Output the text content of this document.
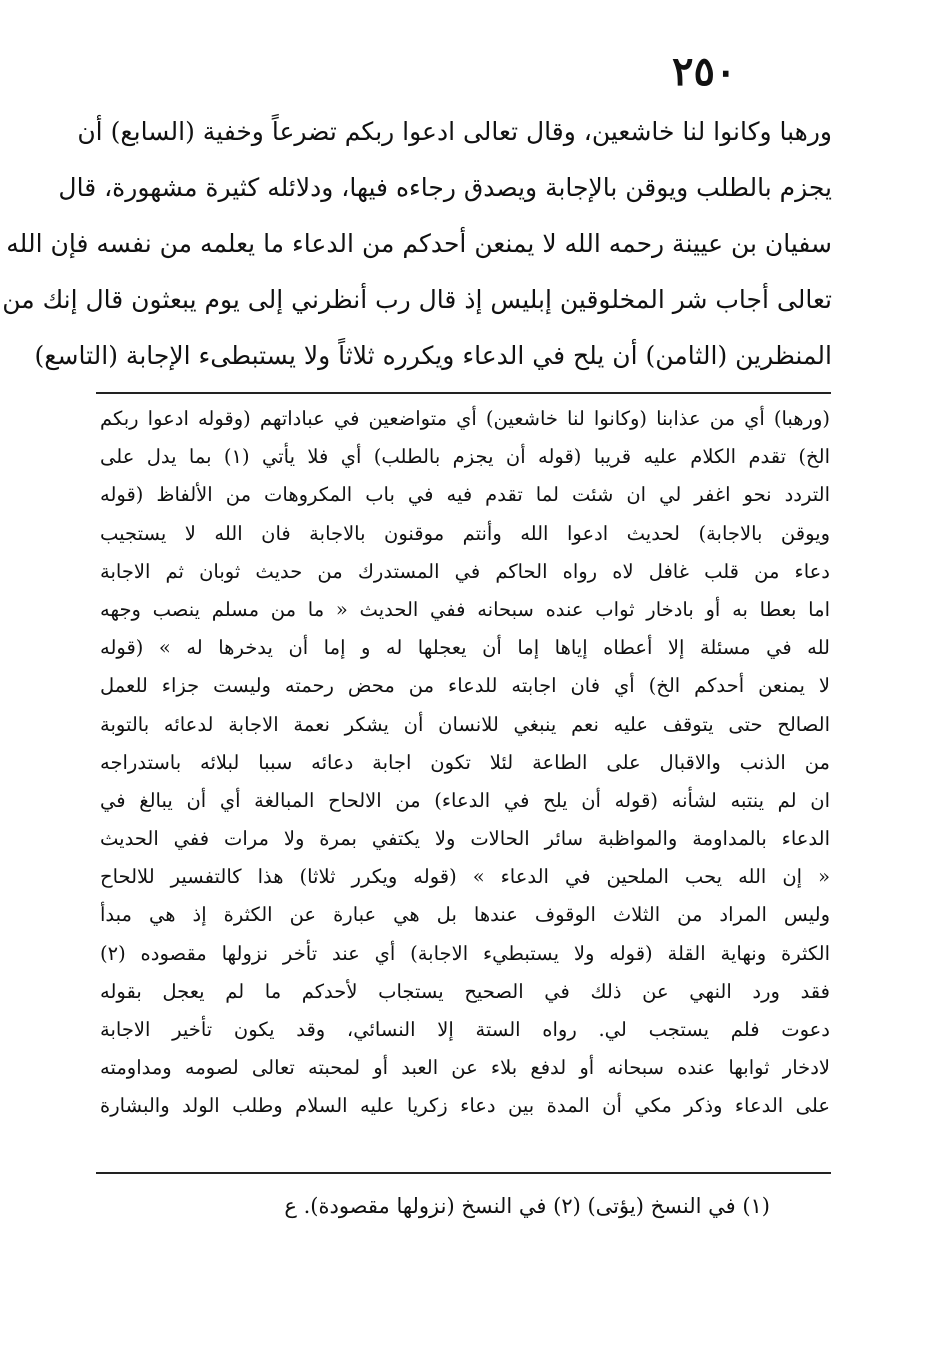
٢٥٠
ورهبا وكانوا لنا خاشعين، وقال تعالى ادعوا ربكم تضرعاً وخفية (السابع) أن
يجزم بالطلب ويوقن بالإجابة ويصدق رجاءه فيها، ودلائله كثيرة مشهورة، قال
سفيان بن عيينة رحمه الله لا يمنعن أحدكم من الدعاء ما يعلمه من نفسه فإن الله
تعالى أجاب شر المخلوقين إبليس إذ قال رب أنظرني إلى يوم يبعثون قال إنك من
المنظرين (الثامن) أن يلح في الدعاء ويكرره ثلاثاً ولا يستبطىء الإجابة (التاسع)
(ورهبا) أي من عذابنا (وكانوا لنا خاشعين) أي متواضعين في عباداتهم (وقوله ادعوا ربكم
الخ) تقدم الكلام عليه قريبا (قوله أن يجزم بالطلب) أي فلا يأتي (١) بما يدل على
التردد نحو اغفر لي ان شئت لما تقدم فيه في باب المكروهات من الألفاظ (قوله
ويوقن بالاجابة) لحديث ادعوا الله وأنتم موقنون بالاجابة فان الله لا يستجيب
دعاء من قلب غافل لاه رواه الحاكم في المستدرك من حديث ثوبان ثم الاجابة
اما بعطا به أو بادخار ثواب عنده سبحانه ففي الحديث « ما من مسلم ينصب وجهه
لله في مسئلة إلا أعطاه إياها إما أن يعجلها له و إما أن يدخرها له » (قوله
لا يمنعن أحدكم الخ) أي فان اجابته للدعاء من محض رحمته وليست جزاء للعمل
الصالح حتى يتوقف عليه نعم ينبغي للانسان أن يشكر نعمة الاجابة لدعائه بالتوبة
من الذنب والاقبال على الطاعة لئلا تكون اجابة دعائه سببا لبلائه باستدراجه
ان لم ينتبه لشأنه (قوله أن يلح في الدعاء) من الالحاح المبالغة أي أن يبالغ في
الدعاء بالمداومة والمواظبة سائر الحالات ولا يكتفي بمرة ولا مرات ففي الحديث
« إن الله يحب الملحين في الدعاء » (قوله ويكرر ثلاثا) هذا كالتفسير للالحاح
وليس المراد من الثلاث الوقوف عندها بل هي عبارة عن الكثرة إذ هي مبدأ
الكثرة ونهاية القلة (قوله ولا يستبطيء الاجابة) أي عند تأخر نزولها مقصوده (٢)
فقد ورد النهي عن ذلك في الصحيح يستجاب لأحدكم ما لم يعجل بقوله
دعوت فلم يستجب لي. رواه الستة إلا النسائي، وقد يكون تأخير الاجابة
لادخار ثوابها عنده سبحانه أو لدفع بلاء عن العبد أو لمحبته تعالى لصومه ومداومته
على الدعاء وذكر مكي أن المدة بين دعاء زكريا عليه السلام وطلب الولد والبشارة
(١) في النسخ (يؤتى) (٢) في النسخ (نزولها مقصودة). ع
